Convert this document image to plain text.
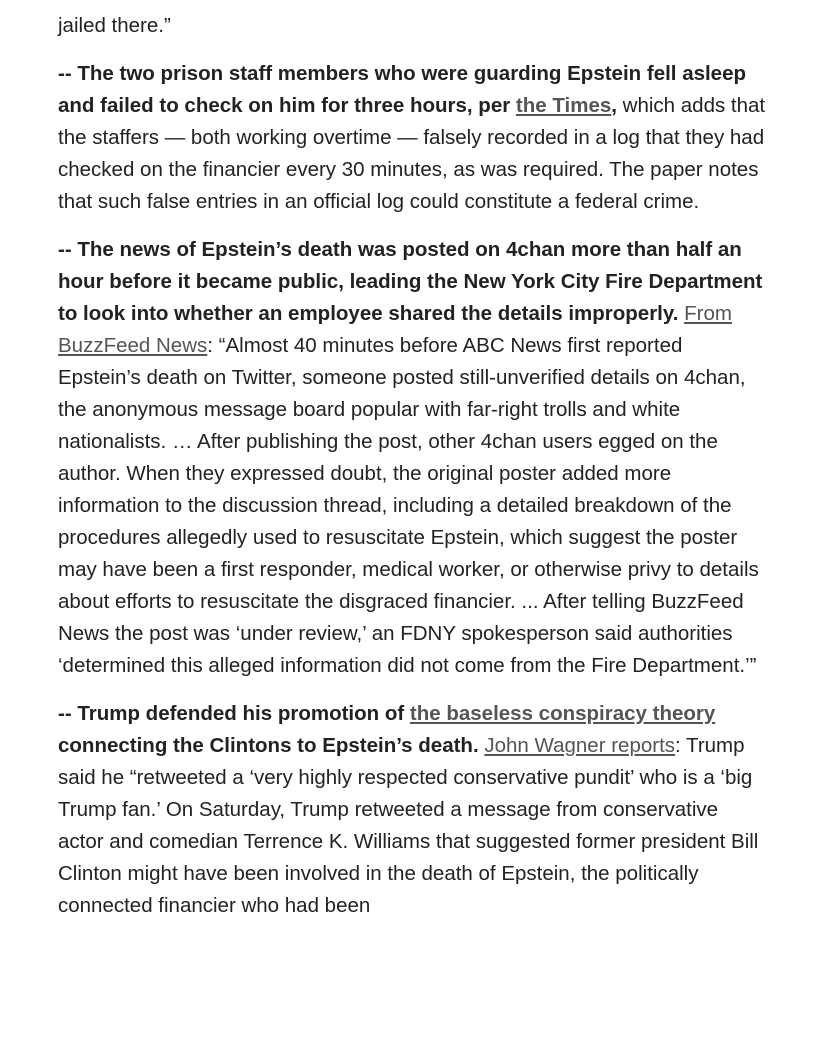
jailed there.”

-- The two prison staff members who were guarding Epstein fell asleep and failed to check on him for three hours, per the Times, which adds that the staffers — both working overtime — falsely recorded in a log that they had checked on the financier every 30 minutes, as was required. The paper notes that such false entries in an official log could constitute a federal crime.

-- The news of Epstein’s death was posted on 4chan more than half an hour before it became public, leading the New York City Fire Department to look into whether an employee shared the details improperly. From BuzzFeed News: “Almost 40 minutes before ABC News first reported Epstein’s death on Twitter, someone posted still-unverified details on 4chan, the anonymous message board popular with far-right trolls and white nationalists. … After publishing the post, other 4chan users egged on the author. When they expressed doubt, the original poster added more information to the discussion thread, including a detailed breakdown of the procedures allegedly used to resuscitate Epstein, which suggest the poster may have been a first responder, medical worker, or otherwise privy to details about efforts to resuscitate the disgraced financier. ... After telling BuzzFeed News the post was ‘under review,’ an FDNY spokesperson said authorities ‘determined this alleged information did not come from the Fire Department.’”

-- Trump defended his promotion of the baseless conspiracy theory connecting the Clintons to Epstein’s death. John Wagner reports: Trump said he “retweeted a ‘very highly respected conservative pundit’ who is a ‘big Trump fan.’ On Saturday, Trump retweeted a message from conservative actor and comedian Terrence K. Williams that suggested former president Bill Clinton might have been involved in the death of Epstein, the politically connected financier who had been
